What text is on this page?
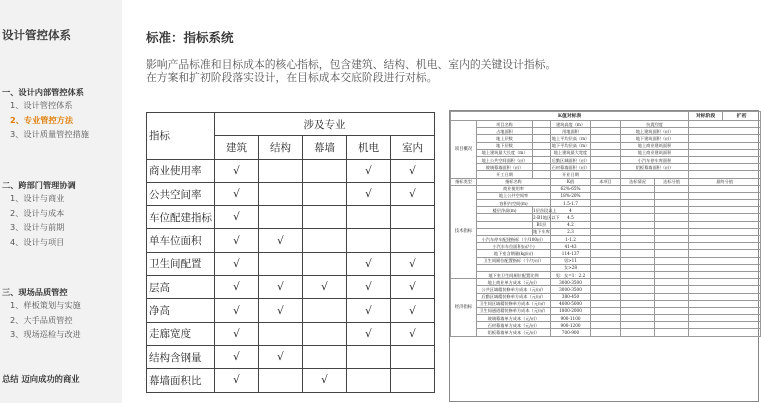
设计管控体系
一、设计内部管控体系
1、设计管控体系
2、专业管控方法
3、设计质量管控措施
二、跨部门管理协调
1、设计与商业
2、设计与成本
3、设计与前期
4、设计与项目
三、现场品质管控
1、样板策划与实施
2、大手品质管控
3、现场巡检与改进
总结 迈向成功的商业
标准：指标系统
影响产品标准和目标成本的核心指标，包含建筑、结构、机电、室内的关键设计指标。
在方案和扩初阶段落实设计，在目标成本交底阶段进行对标。
指标	涉及专业				
	建筑	结构	幕墙	机电	室内
商业使用率	√			√	√
公共空间率	√			√	√
车位配建指标	√				
单车位面积	√	√			
卫生间配置	√			√	√
层高	√	√	√	√	√
净高	√	√		√	√
走廊宽度	√			√	√
结构含钢量	√	√			
幕墙面积比	√		√		
K值对标表							对标阶段	扩初
项目概况	项目名称		建筑高度（m）		抗震烈度			
	占地面积		用地面积		地上建筑面积（㎡）			
	地上层数		地上平均层高（m）		地下建筑面积（㎡）			
	地下层数		地下平均层高（m）		地上商业建筑面积			
	地上建筑最大长度（m）		地上建筑最大宽度		地上商业建筑面积			
	地上公共空间面积（㎡）		后勤区域面积（㎡）		小汽车停车库面积			
	玻璃幕墙面积（㎡）		石材幕墙面积（㎡）		铝板幕墙面积（㎡）			
	开工日期		开业日期					
指标类型	指标名称		K值	本项目	达标情况	达标分值	最终分值	
技术指标	商业使用率		62%-65%					
	地上公共空间率		18%-20%					
	容积内空间(m)		1.5-1.7					
	楼层净高(m)	1层首段以上	4					
		2-B1地区以下	4.5					
		B1层	4.2					
		地下车库	2.3					
	小汽车停车配建指标（个/100㎡）		1-1.2					
	小汽车车位面积(㎡/个)		41-43					
	地下室含钢量(kg/㎡)		114-137					
	卫生间厕位配置指标（个/万㎡）		男>11					
			女>28					
	地下室卫生间厕位配置比例		男：女=1：2.2					
经济指标	地上商业单方成本（元/㎡）		3000-3500					
	公共区域精装修单方成本（元/㎡）		3000-3500					
	后勤区域精装修单方成本（元/㎡）		380-450					
	卫生间区域精装修单方成本（元/㎡）		4000-5000					
	卫生间通道精装修单方成本（元/㎡）		1800-2000					
	玻璃幕墙单方成本（元/㎡）		900-1100					
	石材幕墙单方成本（元/㎡）		900-1200					
	铝板幕墙单方成本（元/㎡）		700-900					
